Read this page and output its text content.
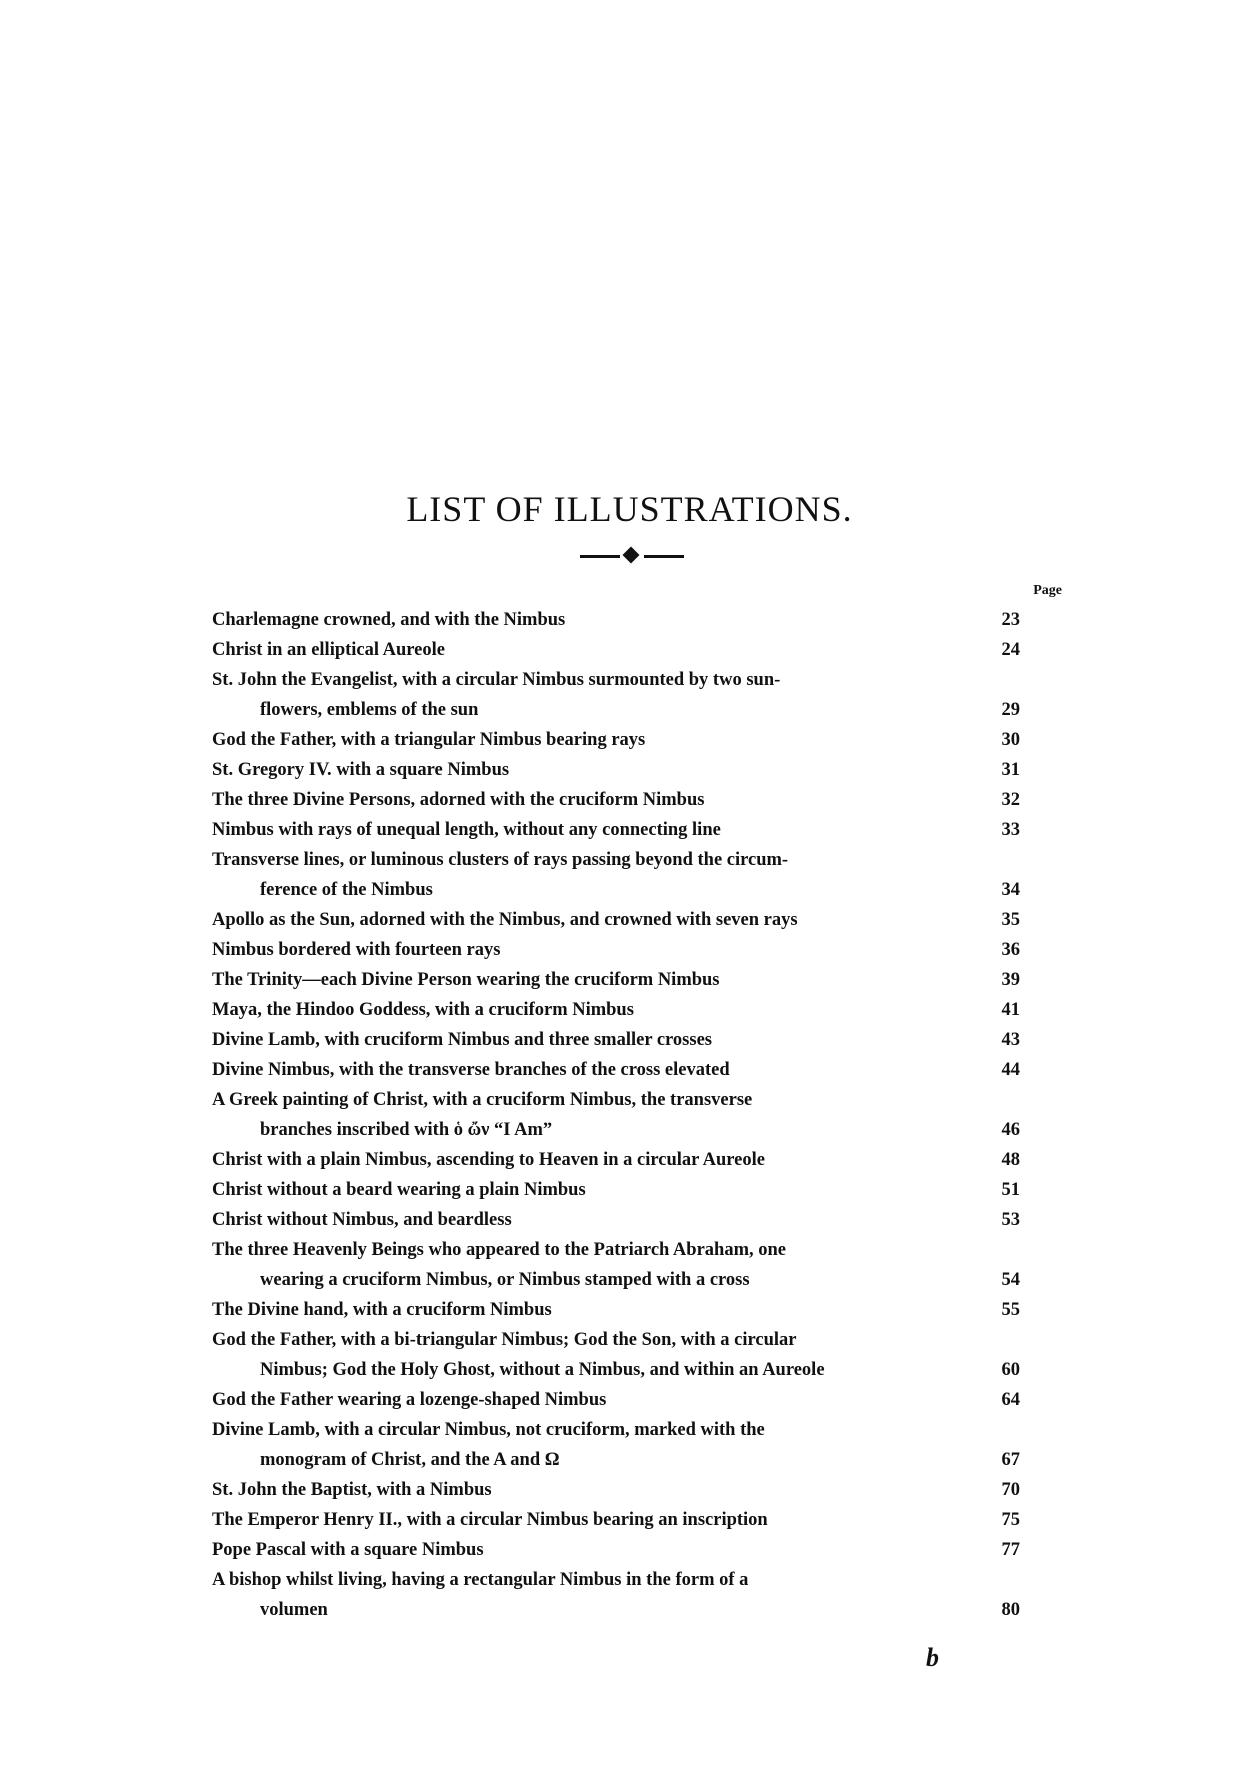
LIST OF ILLUSTRATIONS.
Page
Charlemagne crowned, and with the Nimbus	23
Christ in an elliptical Aureole	24
St. John the Evangelist, with a circular Nimbus surmounted by two sun-
flowers, emblems of the sun	29
God the Father, with a triangular Nimbus bearing rays	30
St. Gregory IV. with a square Nimbus	31
The three Divine Persons, adorned with the cruciform Nimbus	32
Nimbus with rays of unequal length, without any connecting line	33
Transverse lines, or luminous clusters of rays passing beyond the circum-
ference of the Nimbus	34
Apollo as the Sun, adorned with the Nimbus, and crowned with seven rays	35
Nimbus bordered with fourteen rays	36
The Trinity—each Divine Person wearing the cruciform Nimbus	39
Maya, the Hindoo Goddess, with a cruciform Nimbus	41
Divine Lamb, with cruciform Nimbus and three smaller crosses	43
Divine Nimbus, with the transverse branches of the cross elevated	44
A Greek painting of Christ, with a cruciform Nimbus, the transverse
branches inscribed with ὁ ὤν “I Am”	46
Christ with a plain Nimbus, ascending to Heaven in a circular Aureole	48
Christ without a beard wearing a plain Nimbus	51
Christ without Nimbus, and beardless	53
The three Heavenly Beings who appeared to the Patriarch Abraham, one
wearing a cruciform Nimbus, or Nimbus stamped with a cross	54
The Divine hand, with a cruciform Nimbus	55
God the Father, with a bi-triangular Nimbus; God the Son, with a circular
Nimbus; God the Holy Ghost, without a Nimbus, and within an Aureole	60
God the Father wearing a lozenge-shaped Nimbus	64
Divine Lamb, with a circular Nimbus, not cruciform, marked with the
monogram of Christ, and the A and Ω	67
St. John the Baptist, with a Nimbus	70
The Emperor Henry II., with a circular Nimbus bearing an inscription	75
Pope Pascal with a square Nimbus	77
A bishop whilst living, having a rectangular Nimbus in the form of a
volumen	80
b
